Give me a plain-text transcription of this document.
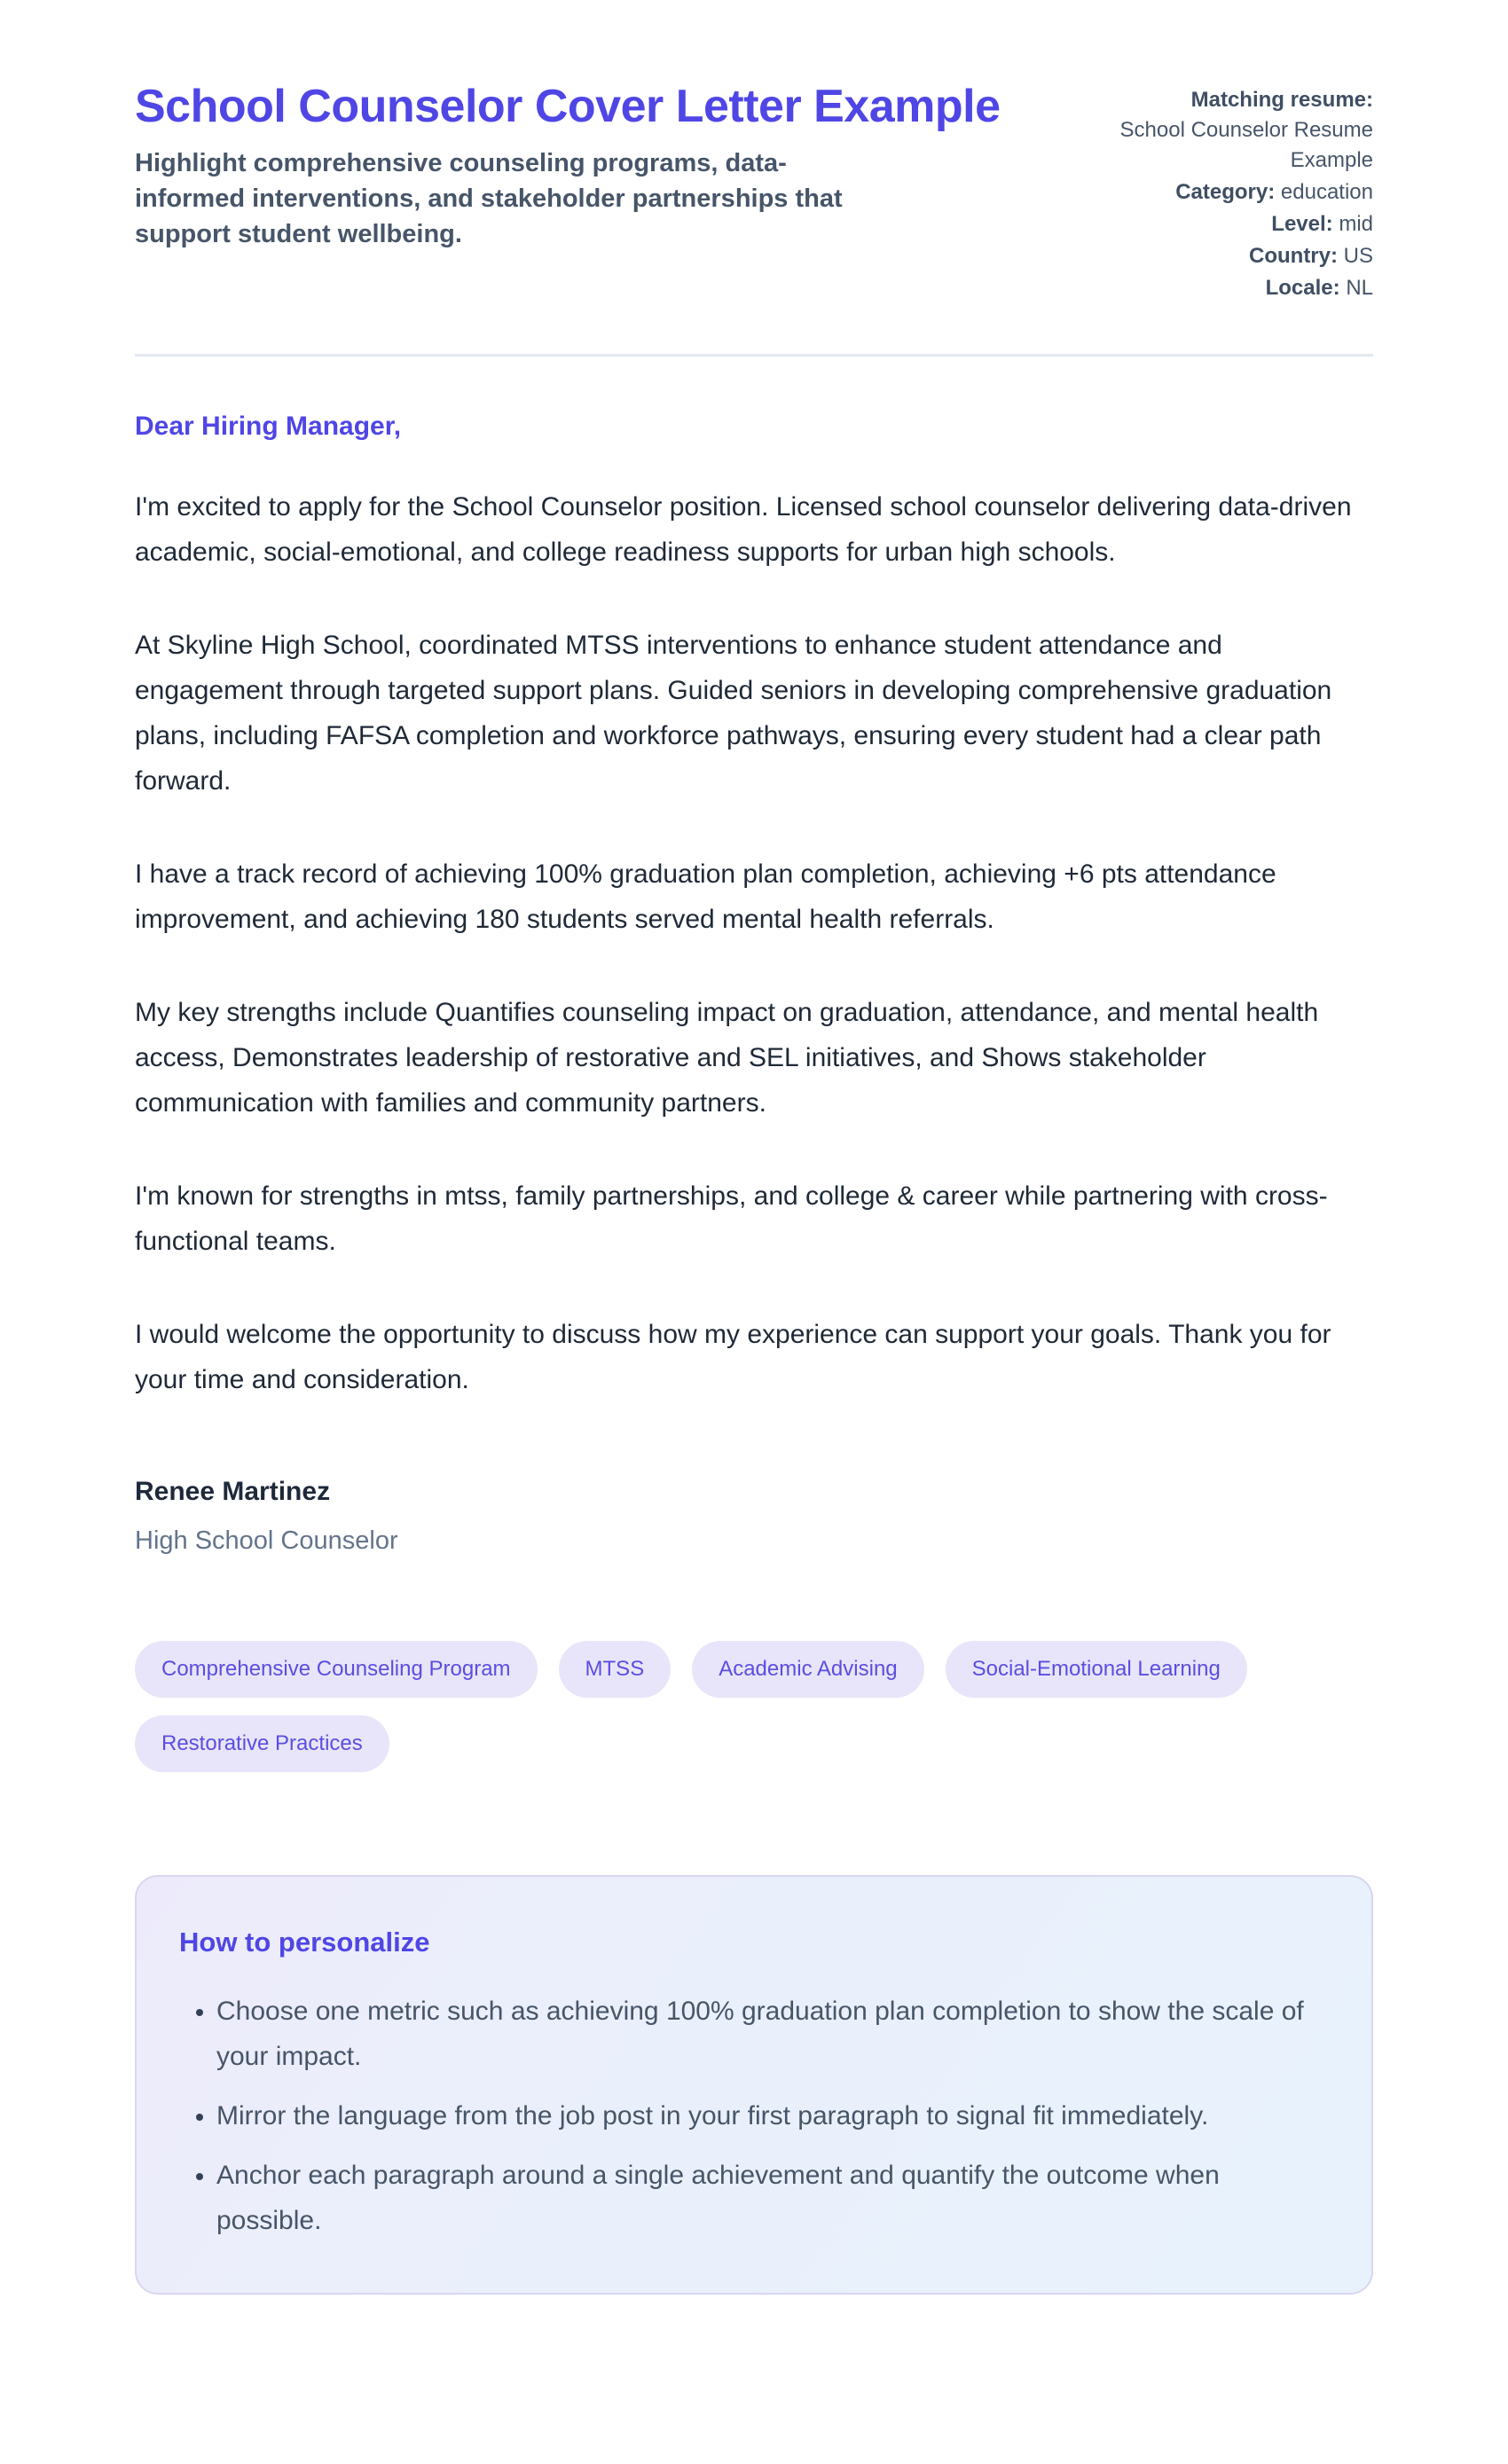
School Counselor Cover Letter Example

Highlight comprehensive counseling programs, data-informed interventions, and stakeholder partnerships that support student wellbeing.

Matching resume:
School Counselor Resume Example
Category: education
Level: mid
Country: US
Locale: NL

Dear Hiring Manager,

I'm excited to apply for the School Counselor position. Licensed school counselor delivering data-driven academic, social-emotional, and college readiness supports for urban high schools.

At Skyline High School, coordinated MTSS interventions to enhance student attendance and engagement through targeted support plans. Guided seniors in developing comprehensive graduation plans, including FAFSA completion and workforce pathways, ensuring every student had a clear path forward.

I have a track record of achieving 100% graduation plan completion, achieving +6 pts attendance improvement, and achieving 180 students served mental health referrals.

My key strengths include Quantifies counseling impact on graduation, attendance, and mental health access, Demonstrates leadership of restorative and SEL initiatives, and Shows stakeholder communication with families and community partners.

I'm known for strengths in mtss, family partnerships, and college & career while partnering with cross-functional teams.

I would welcome the opportunity to discuss how my experience can support your goals. Thank you for your time and consideration.

Renee Martinez

High School Counselor

Comprehensive Counseling Program	MTSS	Academic Advising	Social-Emotional Learning
Restorative Practices
How to personalize
• Choose one metric such as achieving 100% graduation plan completion to show the scale of your impact.
• Mirror the language from the job post in your first paragraph to signal fit immediately.
• Anchor each paragraph around a single achievement and quantify the outcome when possible.
